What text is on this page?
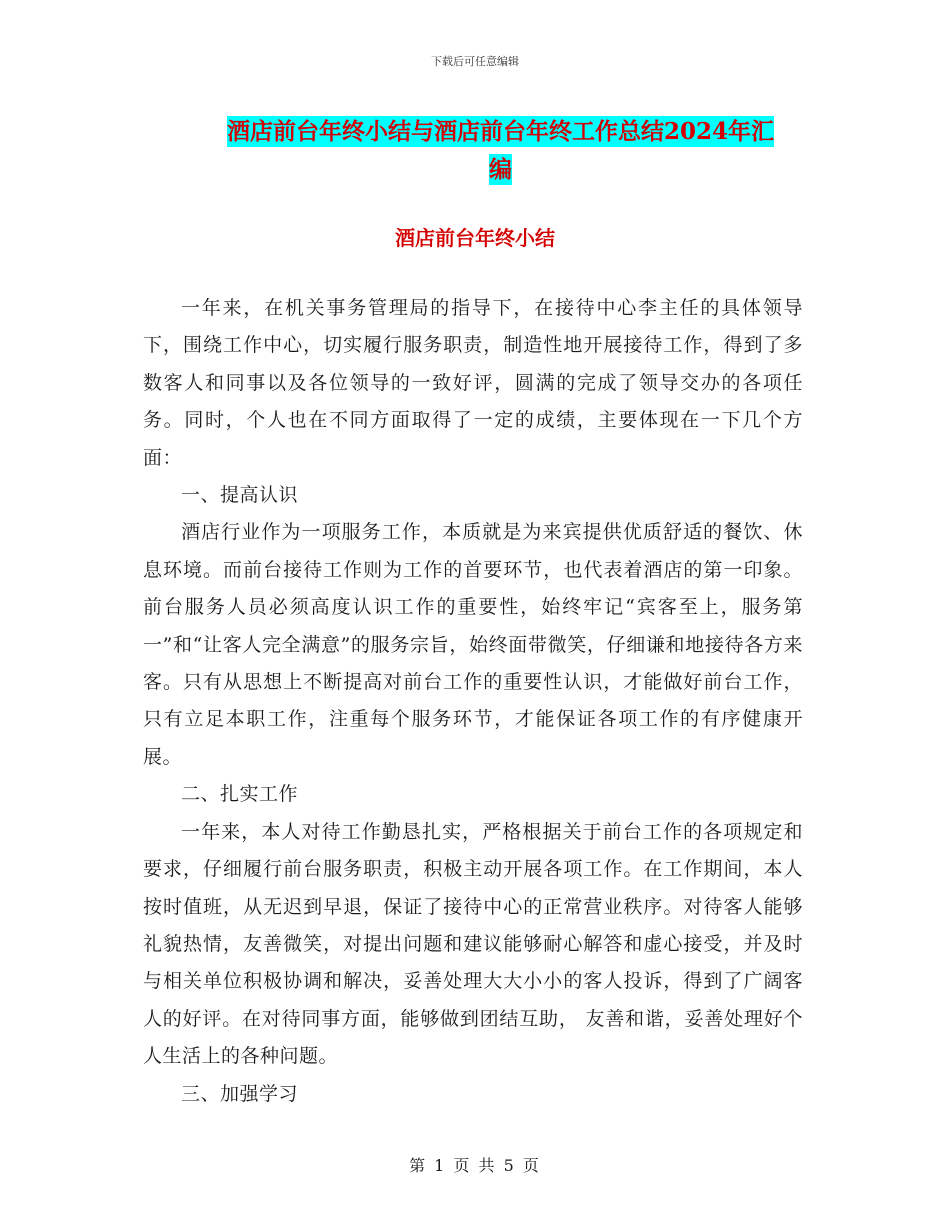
下载后可任意编辑
酒店前台年终小结与酒店前台年终工作总结2024年汇
编
酒店前台年终小结

一年来，在机关事务管理局的指导下，在接待中心李主任的具体领导下，围绕工作中心，切实履行服务职责，制造性地开展接待工作，得到了多数客人和同事以及各位领导的一致好评，圆满的完成了领导交办的各项任务。同时，个人也在不同方面取得了一定的成绩，主要体现在一下几个方面：

一、提高认识

酒店行业作为一项服务工作，本质就是为来宾提供优质舒适的餐饮、休息环境。而前台接待工作则为工作的首要环节，也代表着酒店的第一印象。前台服务人员必须高度认识工作的重要性，始终牢记“宾客至上，服务第一”和“让客人完全满意”的服务宗旨，始终面带微笑，仔细谦和地接待各方来客。只有从思想上不断提高对前台工作的重要性认识，才能做好前台工作，只有立足本职工作，注重每个服务环节，才能保证各项工作的有序健康开展。

二、扎实工作

一年来，本人对待工作勤恳扎实，严格根据关于前台工作的各项规定和要求，仔细履行前台服务职责，积极主动开展各项工作。在工作期间，本人按时值班，从无迟到早退，保证了接待中心的正常营业秩序。对待客人能够礼貌热情，友善微笑，对提出问题和建议能够耐心解答和虚心接受，并及时与相关单位积极协调和解决，妥善处理大大小小的客人投诉，得到了广阔客人的好评。在对待同事方面，能够做到团结互助， 友善和谐，妥善处理好个人生活上的各种问题。

三、加强学习

第 1 页 共 5 页
